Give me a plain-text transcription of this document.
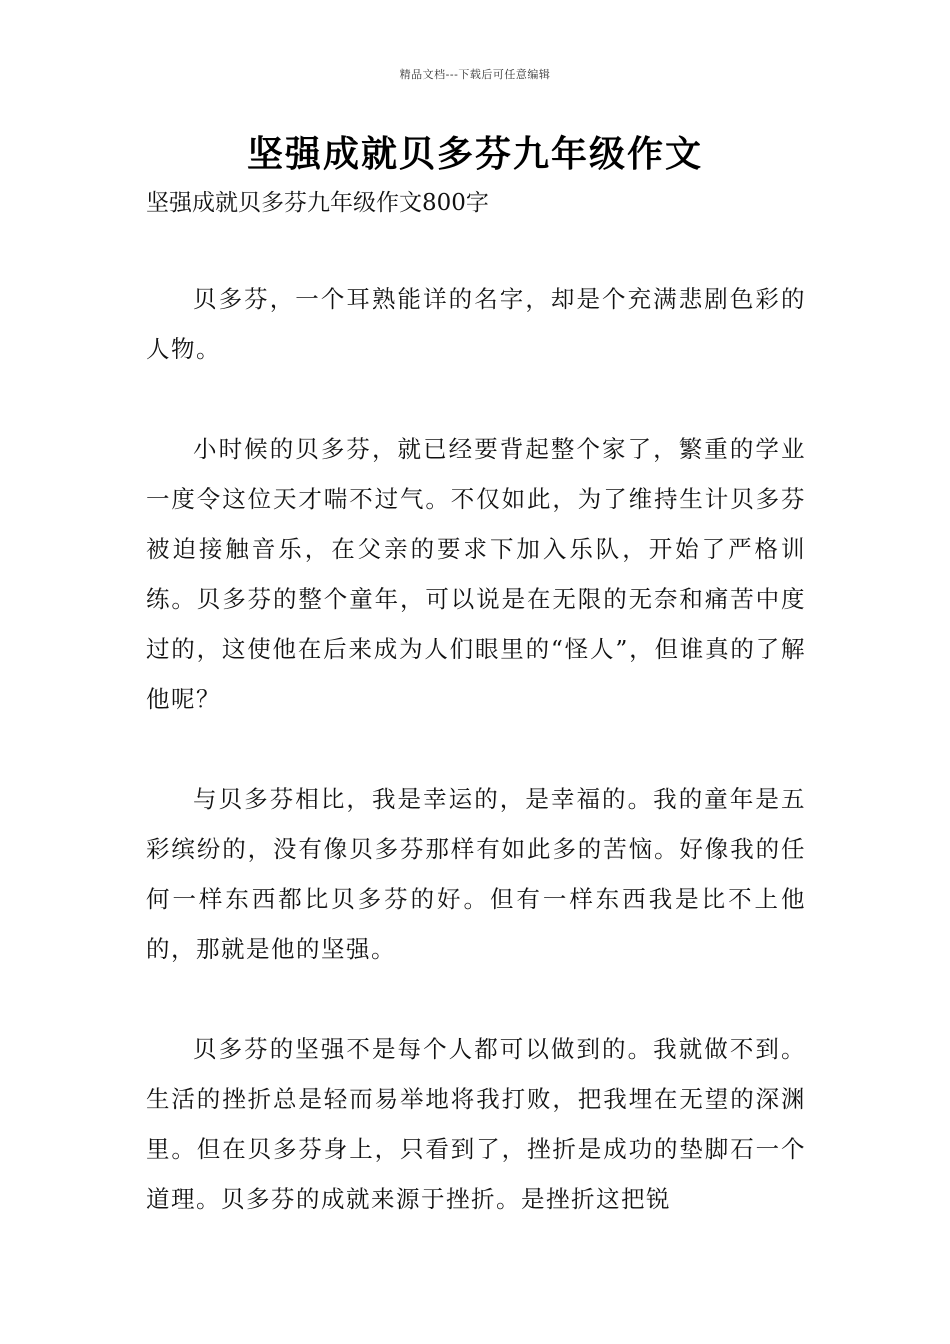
精品文档---下载后可任意编辑
坚强成就贝多芬九年级作文
坚强成就贝多芬九年级作文800字

贝多芬，一个耳熟能详的名字，却是个充满悲剧色彩的人物。

小时候的贝多芬，就已经要背起整个家了，繁重的学业一度令这位天才喘不过气。不仅如此，为了维持生计贝多芬被迫接触音乐，在父亲的要求下加入乐队，开始了严格训练。贝多芬的整个童年，可以说是在无限的无奈和痛苦中度过的，这使他在后来成为人们眼里的“怪人”，但谁真的了解他呢？

与贝多芬相比，我是幸运的，是幸福的。我的童年是五彩缤纷的，没有像贝多芬那样有如此多的苦恼。好像我的任何一样东西都比贝多芬的好。但有一样东西我是比不上他的，那就是他的坚强。

贝多芬的坚强不是每个人都可以做到的。我就做不到。生活的挫折总是轻而易举地将我打败，把我埋在无望的深渊里。但在贝多芬身上，只看到了，挫折是成功的垫脚石一个道理。贝多芬的成就来源于挫折。是挫折这把锐
